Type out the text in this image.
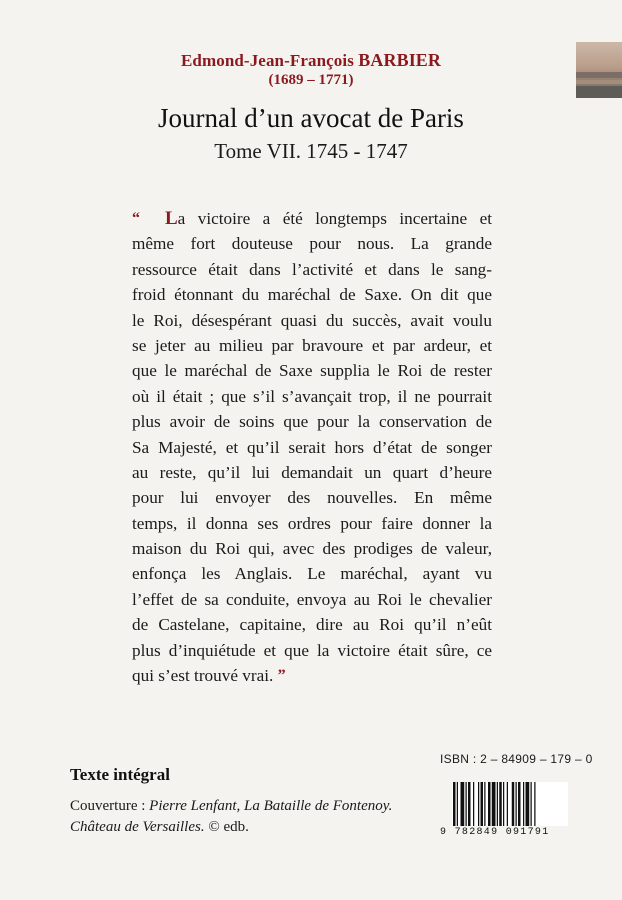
Edmond-Jean-François BARBIER
(1689 – 1771)
Journal d’un avocat de Paris
Tome VII. 1745 - 1747
“ La victoire a été longtemps incertaine et
même fort douteuse pour nous. La grande
ressource était dans l’activité et dans le sang-
froid étonnant du maréchal de Saxe. On dit que
le Roi, désespérant quasi du succès, avait voulu
se jeter au milieu par bravoure et par ardeur, et
que le maréchal de Saxe supplia le Roi de rester
où il était ; que s’il s’avançait trop, il ne pourrait
plus avoir de soins que pour la conservation de
Sa Majesté, et qu’il serait hors d’état de songer
au reste, qu’il lui demandait un quart d’heure
pour lui envoyer des nouvelles. En même
temps, il donna ses ordres pour faire donner la
maison du Roi qui, avec des prodiges de valeur,
enfonça les Anglais. Le maréchal, ayant vu
l’effet de sa conduite, envoya au Roi le chevalier
de Castelane, capitaine, dire au Roi qu’il n’eût
plus d’inquiétude et que la victoire était sûre, ce
qui s’est trouvé vrai. ”
ISBN : 2 – 84909 – 179 – 0
9 782849 091791
Texte intégral
Couverture : Pierre Lenfant, La Bataille de Fontenoy.
Château de Versailles. © edb.
